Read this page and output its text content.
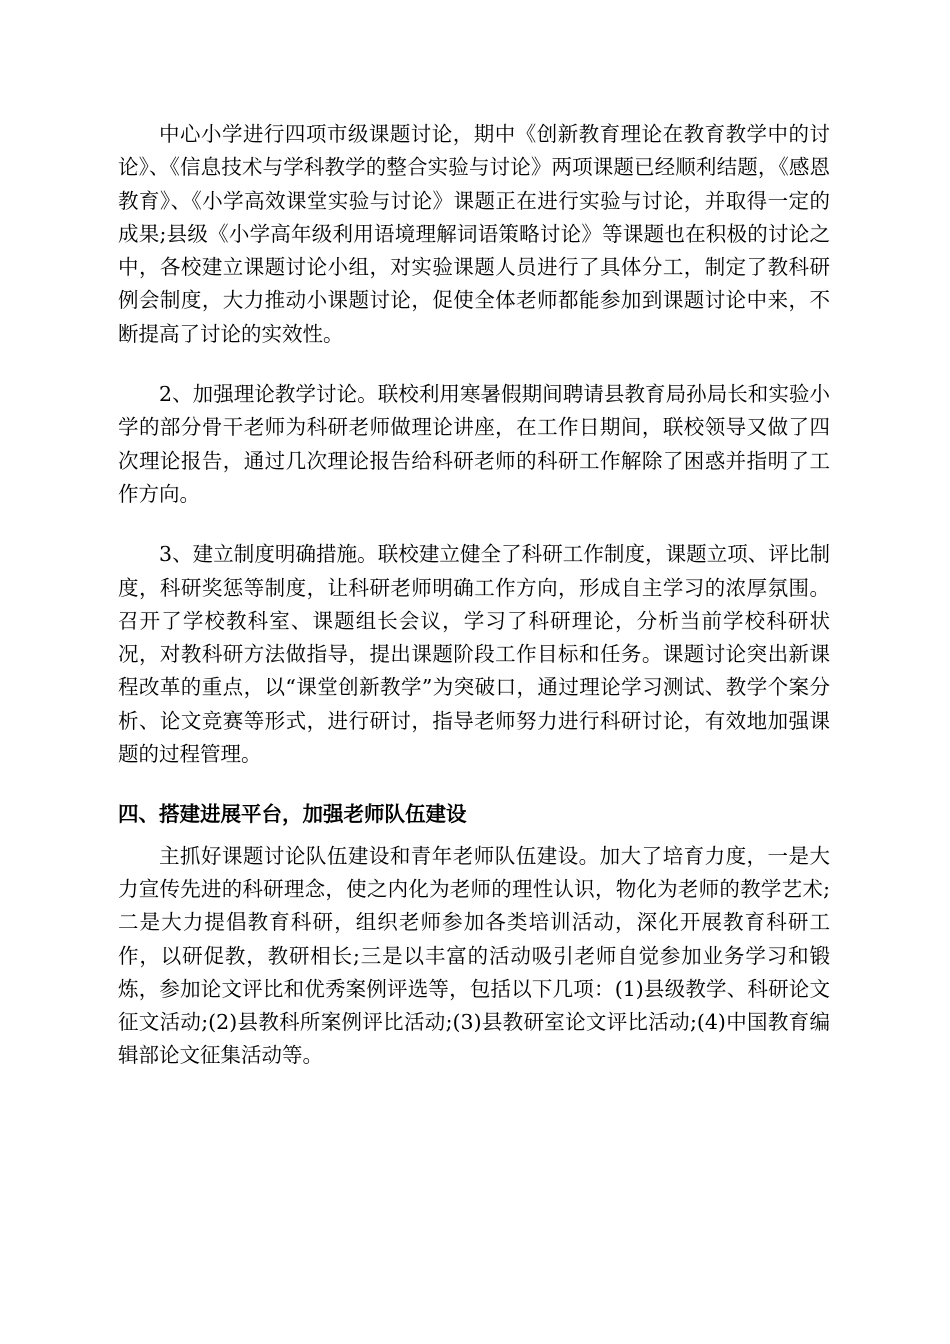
中心小学进行四项市级课题讨论，期中《创新教育理论在教育教学中的讨论》、《信息技术与学科教学的整合实验与讨论》两项课题已经顺利结题，《感恩教育》、《小学高效课堂实验与讨论》课题正在进行实验与讨论，并取得一定的成果;县级《小学高年级利用语境理解词语策略讨论》等课题也在积极的讨论之中，各校建立课题讨论小组，对实验课题人员进行了具体分工，制定了教科研例会制度，大力推动小课题讨论，促使全体老师都能参加到课题讨论中来，不断提高了讨论的实效性。

2、加强理论教学讨论。联校利用寒暑假期间聘请县教育局孙局长和实验小学的部分骨干老师为科研老师做理论讲座，在工作日期间，联校领导又做了四次理论报告，通过几次理论报告给科研老师的科研工作解除了困惑并指明了工作方向。

3、建立制度明确措施。联校建立健全了科研工作制度，课题立项、评比制度，科研奖惩等制度，让科研老师明确工作方向，形成自主学习的浓厚氛围。召开了学校教科室、课题组长会议，学习了科研理论，分析当前学校科研状况，对教科研方法做指导，提出课题阶段工作目标和任务。课题讨论突出新课程改革的重点，以“课堂创新教学”为突破口，通过理论学习测试、教学个案分析、论文竞赛等形式，进行研讨，指导老师努力进行科研讨论，有效地加强课题的过程管理。

四、搭建进展平台，加强老师队伍建设

主抓好课题讨论队伍建设和青年老师队伍建设。加大了培育力度，一是大力宣传先进的科研理念，使之内化为老师的理性认识，物化为老师的教学艺术;二是大力提倡教育科研，组织老师参加各类培训活动，深化开展教育科研工作，以研促教，教研相长;三是以丰富的活动吸引老师自觉参加业务学习和锻炼，参加论文评比和优秀案例评选等，包括以下几项：(1)县级教学、科研论文征文活动;(2)县教科所案例评比活动;(3)县教研室论文评比活动;(4)中国教育编辑部论文征集活动等。
